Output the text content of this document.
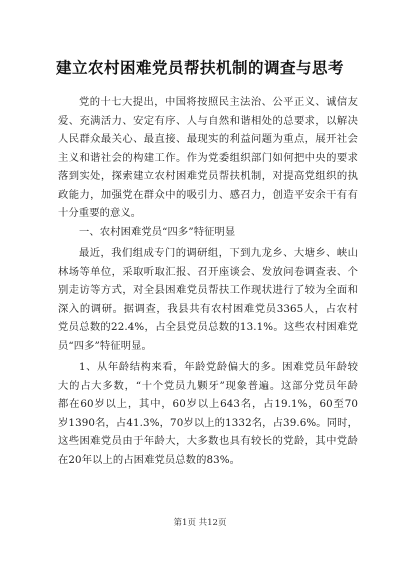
建立农村困难党员帮扶机制的调查与思考
党的十七大提出，中国将按照民主法治、公平正义、诚信友
爱、充满活力、安定有序、人与自然和谐相处的总要求，以解决
人民群众最关心、最直接、最现实的利益问题为重点，展开社会
主义和谐社会的构建工作。作为党委组织部门如何把中央的要求
落到实处，探索建立农村困难党员帮扶机制，对提高党组织的执
政能力，加强党在群众中的吸引力、感召力，创造平安余干有有
十分重要的意义。
一、农村困难党员“四多”特征明显
最近，我们组成专门的调研组，下到九龙乡、大塘乡、峡山
林场等单位，采取听取汇报、召开座谈会、发放问卷调查表、个
别走访等方式，对全县困难党员帮扶工作现状进行了较为全面和
深入的调研。据调查，我县共有农村困难党员3365人，占农村
党员总数的22.4%，占全县党员总数的13.1%。这些农村困难党
员“四多”特征明显。
1、从年龄结构来看，年龄党龄偏大的多。困难党员年龄较
大的占大多数，“十个党员九颗牙”现象普遍。这部分党员年龄
都在60岁以上，其中，60岁以上643名，占19.1%，60至70
岁1390名，占41.3%，70岁以上的1332名，占39.6%。同时，
这些困难党员由于年龄大，大多数也具有较长的党龄，其中党龄
在20年以上的占困难党员总数的83%。
第1页 共12页
